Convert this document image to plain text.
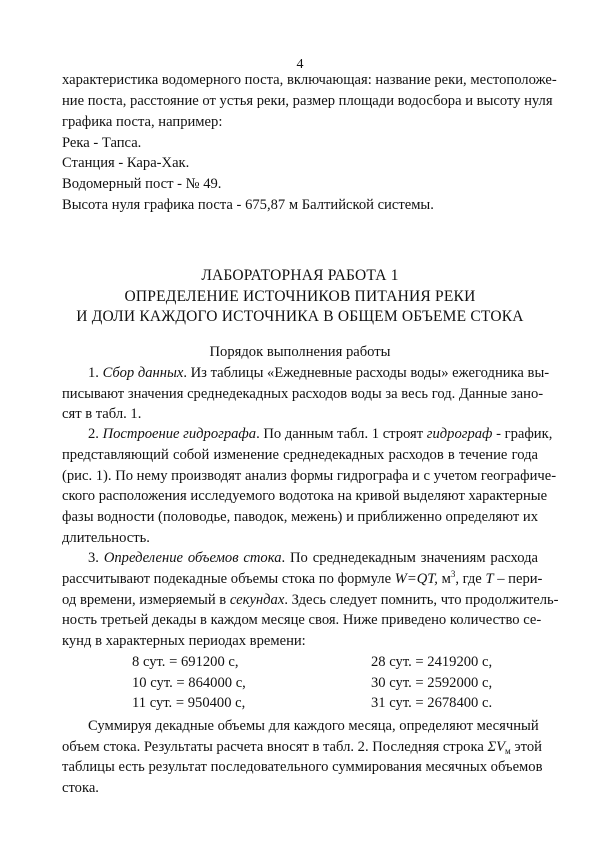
4
характеристика водомерного поста, включающая: название реки, местоположе-
ние поста, расстояние от устья реки, размер площади водосбора и высоту нуля
графика поста, например:
Река - Тапса.
Станция - Кара-Хак.
Водомерный пост - № 49.
Высота нуля графика поста - 675,87 м Балтийской системы.
ЛАБОРАТОРНАЯ РАБОТА 1
ОПРЕДЕЛЕНИЕ ИСТОЧНИКОВ ПИТАНИЯ РЕКИ
И ДОЛИ КАЖДОГО ИСТОЧНИКА В ОБЩЕМ ОБЪЕМЕ СТОКА
Порядок выполнения работы
1. Сбор данных. Из таблицы «Ежедневные расходы воды» ежегодника вы-
писывают значения среднедекадных расходов воды за весь год. Данные зано-
сят в табл. 1.
2. Построение гидрографа. По данным табл. 1 строят гидрограф - график,
представляющий собой изменение среднедекадных расходов в течение года
(рис. 1). По нему производят анализ формы гидрографа и с учетом географиче-
ского расположения исследуемого водотока на кривой выделяют характерные
фазы водности (половодье, паводок, межень) и приближенно определяют их
длительность.
3. Определение объемов стока. По среднедекадным значениям расхода
рассчитывают подекадные объемы стока по формуле W=QT, $м^3$, где T – пери-
од времени, измеряемый в секундах. Здесь следует помнить, что продолжитель-
ность третьей декады в каждом месяце своя. Ниже приведено количество се-
кунд в характерных периодах времени:
8 сут. = 691200 с,
10 сут. = 864000 с,
11 сут. = 950400 с,
28 сут. = 2419200 с,
30 сут. = 2592000 с,
31 сут. = 2678400 с.
Суммируя декадные объемы для каждого месяца, определяют месячный
объем стока. Результаты расчета вносят в табл. 2. Последняя строка $\Sigma V_м$ этой
таблицы есть результат последовательного суммирования месячных объемов
стока.
